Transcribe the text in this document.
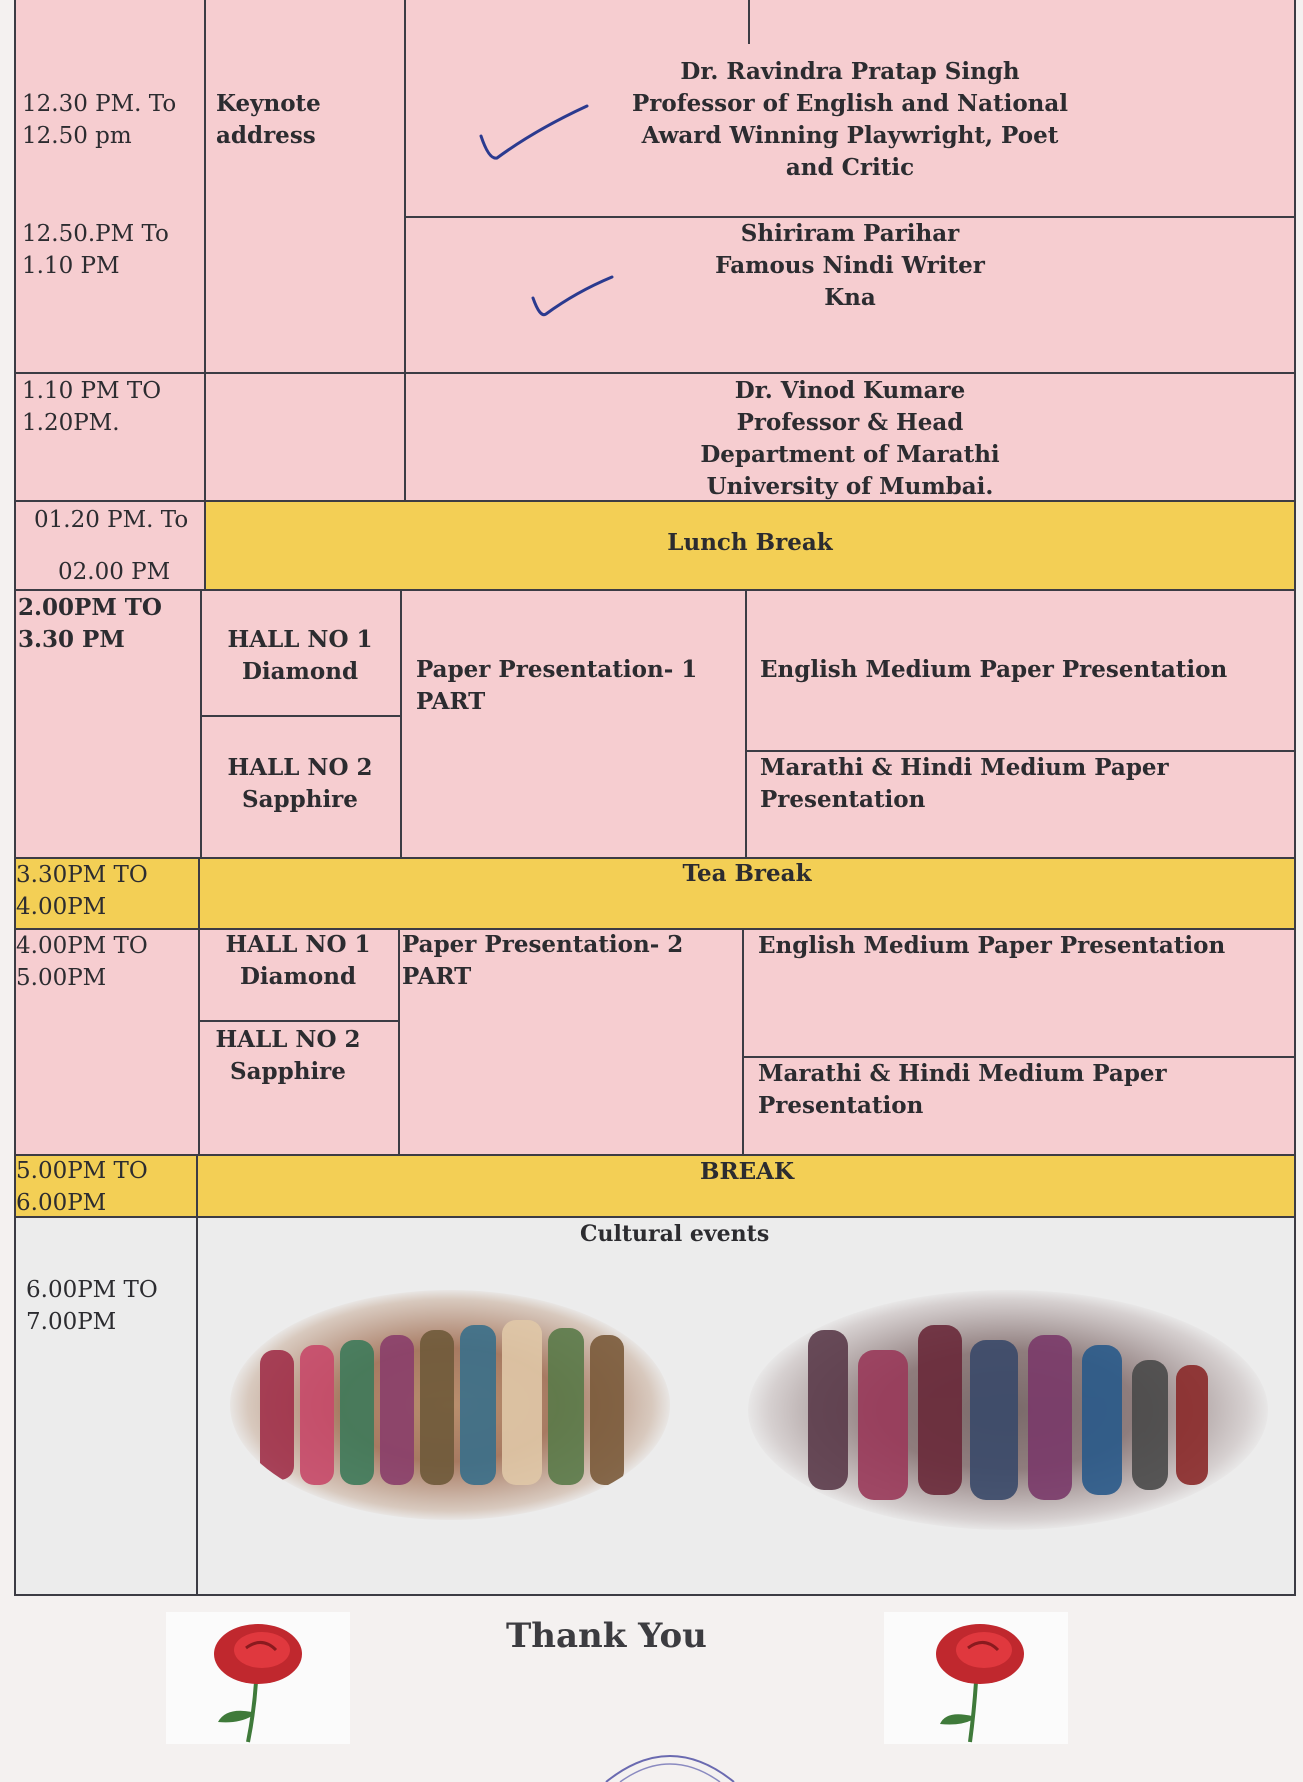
12.30 PM. To
12.50 pm
Keynote
address
Dr. Ravindra Pratap Singh
Professor of English and National
Award Winning Playwright, Poet
and Critic
12.50.PM To
1.10 PM
Shiriram Parihar
Famous Nindi Writer
Kna
1.10 PM TO
1.20PM.
Dr. Vinod Kumare
Professor & Head
Department of Marathi
University of Mumbai.
01.20 PM. To
02.00 PM
Lunch Break
2.00PM TO
3.30 PM	HALL NO 1
Diamond
HALL NO 2
Sapphire
Paper Presentation- 1
PART
English Medium Paper Presentation
Marathi & Hindi Medium Paper
Presentation
3.30PM TO
4.00PM
Tea Break
4.00PM TO
5.00PM
HALL NO 1
Diamond
HALL NO 2
Sapphire
Paper Presentation- 2
PART
English Medium Paper Presentation
Marathi & Hindi Medium Paper
Presentation
5.00PM TO
6.00PM
BREAK
6.00PM TO
7.00PM
Cultural events
Thank You
